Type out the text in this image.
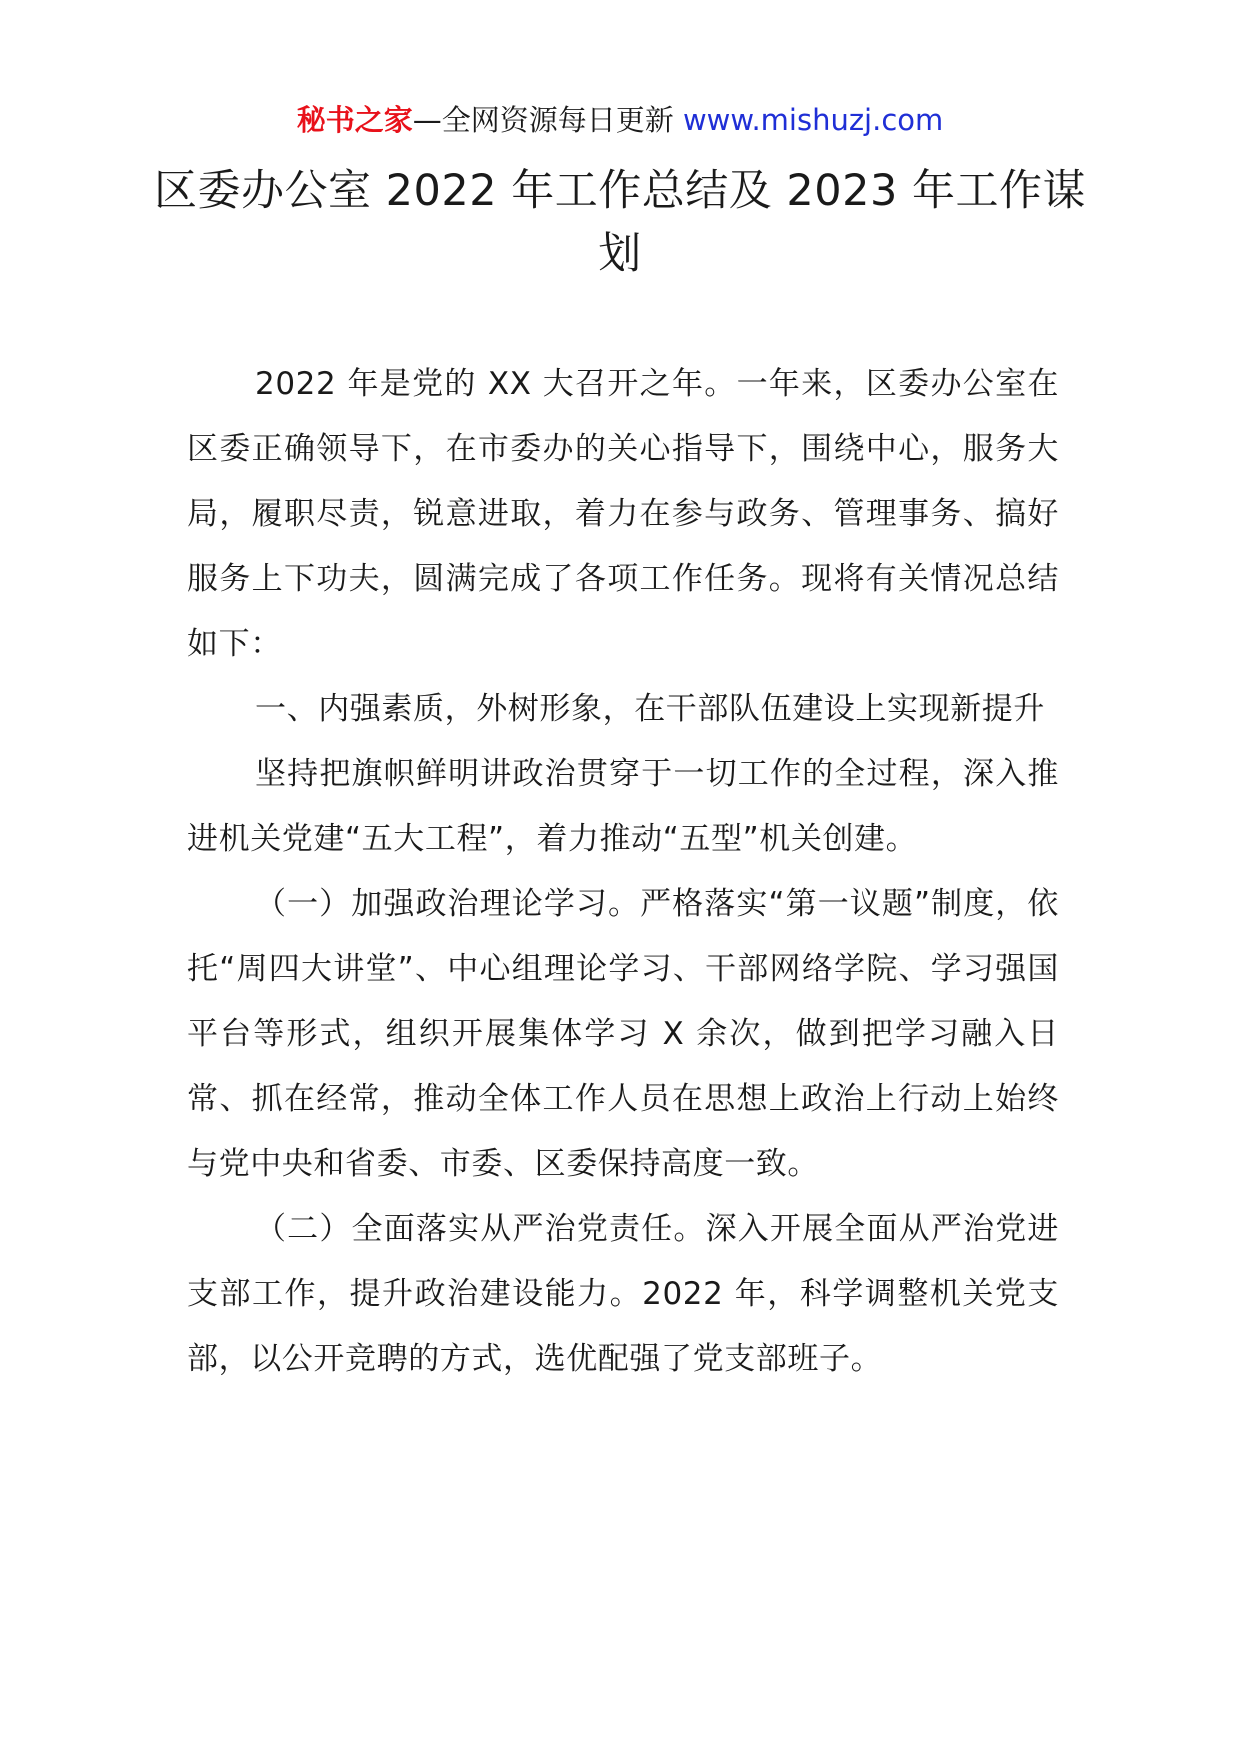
秘书之家—全网资源每日更新 www.mishuzj.com
区委办公室 2022 年工作总结及 2023 年工作谋划

2022 年是党的 XX 大召开之年。一年来，区委办公室在区委正确领导下，在市委办的关心指导下，围绕中心，服务大局，履职尽责，锐意进取，着力在参与政务、管理事务、搞好服务上下功夫，圆满完成了各项工作任务。现将有关情况总结如下：

一、内强素质，外树形象，在干部队伍建设上实现新提升

坚持把旗帜鲜明讲政治贯穿于一切工作的全过程，深入推进机关党建“五大工程”，着力推动“五型”机关创建。

（一）加强政治理论学习。严格落实“第一议题”制度，依托“周四大讲堂”、中心组理论学习、干部网络学院、学习强国平台等形式，组织开展集体学习 X 余次，做到把学习融入日常、抓在经常，推动全体工作人员在思想上政治上行动上始终与党中央和省委、市委、区委保持高度一致。

（二）全面落实从严治党责任。深入开展全面从严治党进支部工作，提升政治建设能力。2022 年，科学调整机关党支部，以公开竞聘的方式，选优配强了党支部班子。
